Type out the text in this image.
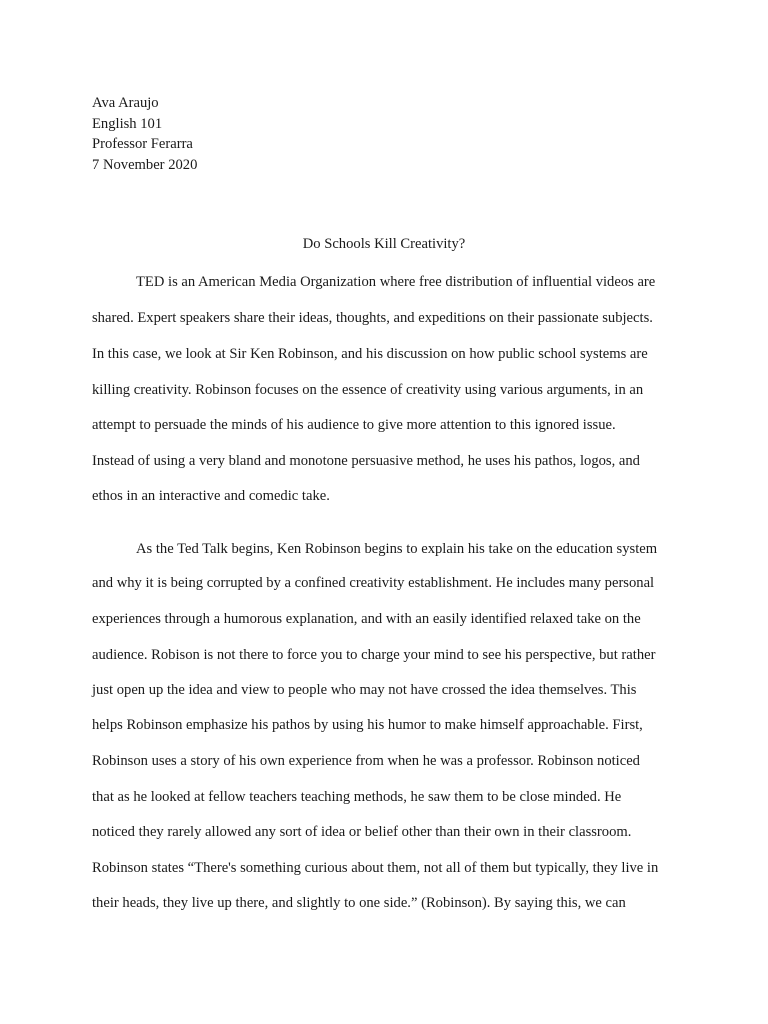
Ava Araujo
English 101
Professor Ferarra
7 November 2020
Do Schools Kill Creativity?
TED is an American Media Organization where free distribution of influential videos are
shared. Expert speakers share their ideas, thoughts, and expeditions on their passionate subjects.
In this case, we look at Sir Ken Robinson, and his discussion on how public school systems are
killing creativity. Robinson focuses on the essence of creativity using various arguments, in an
attempt to persuade the minds of his audience to give more attention to this ignored issue.
Instead of using a very bland and monotone persuasive method, he uses his pathos, logos, and
ethos in an interactive and comedic take.
As the Ted Talk begins, Ken Robinson begins to explain his take on the education system
and why it is being corrupted by a confined creativity establishment. He includes many personal
experiences through a humorous explanation, and with an easily identified relaxed take on the
audience. Robison is not there to force you to charge your mind to see his perspective, but rather
just open up the idea and view to people who may not have crossed the idea themselves. This
helps Robinson emphasize his pathos by using his humor to make himself approachable. First,
Robinson uses a story of his own experience from when he was a professor. Robinson noticed
that as he looked at fellow teachers teaching methods, he saw them to be close minded. He
noticed they rarely allowed any sort of idea or belief other than their own in their classroom.
Robinson states “There's something curious about them, not all of them but typically, they live in
their heads, they live up there, and slightly to one side.” (Robinson). By saying this, we can
